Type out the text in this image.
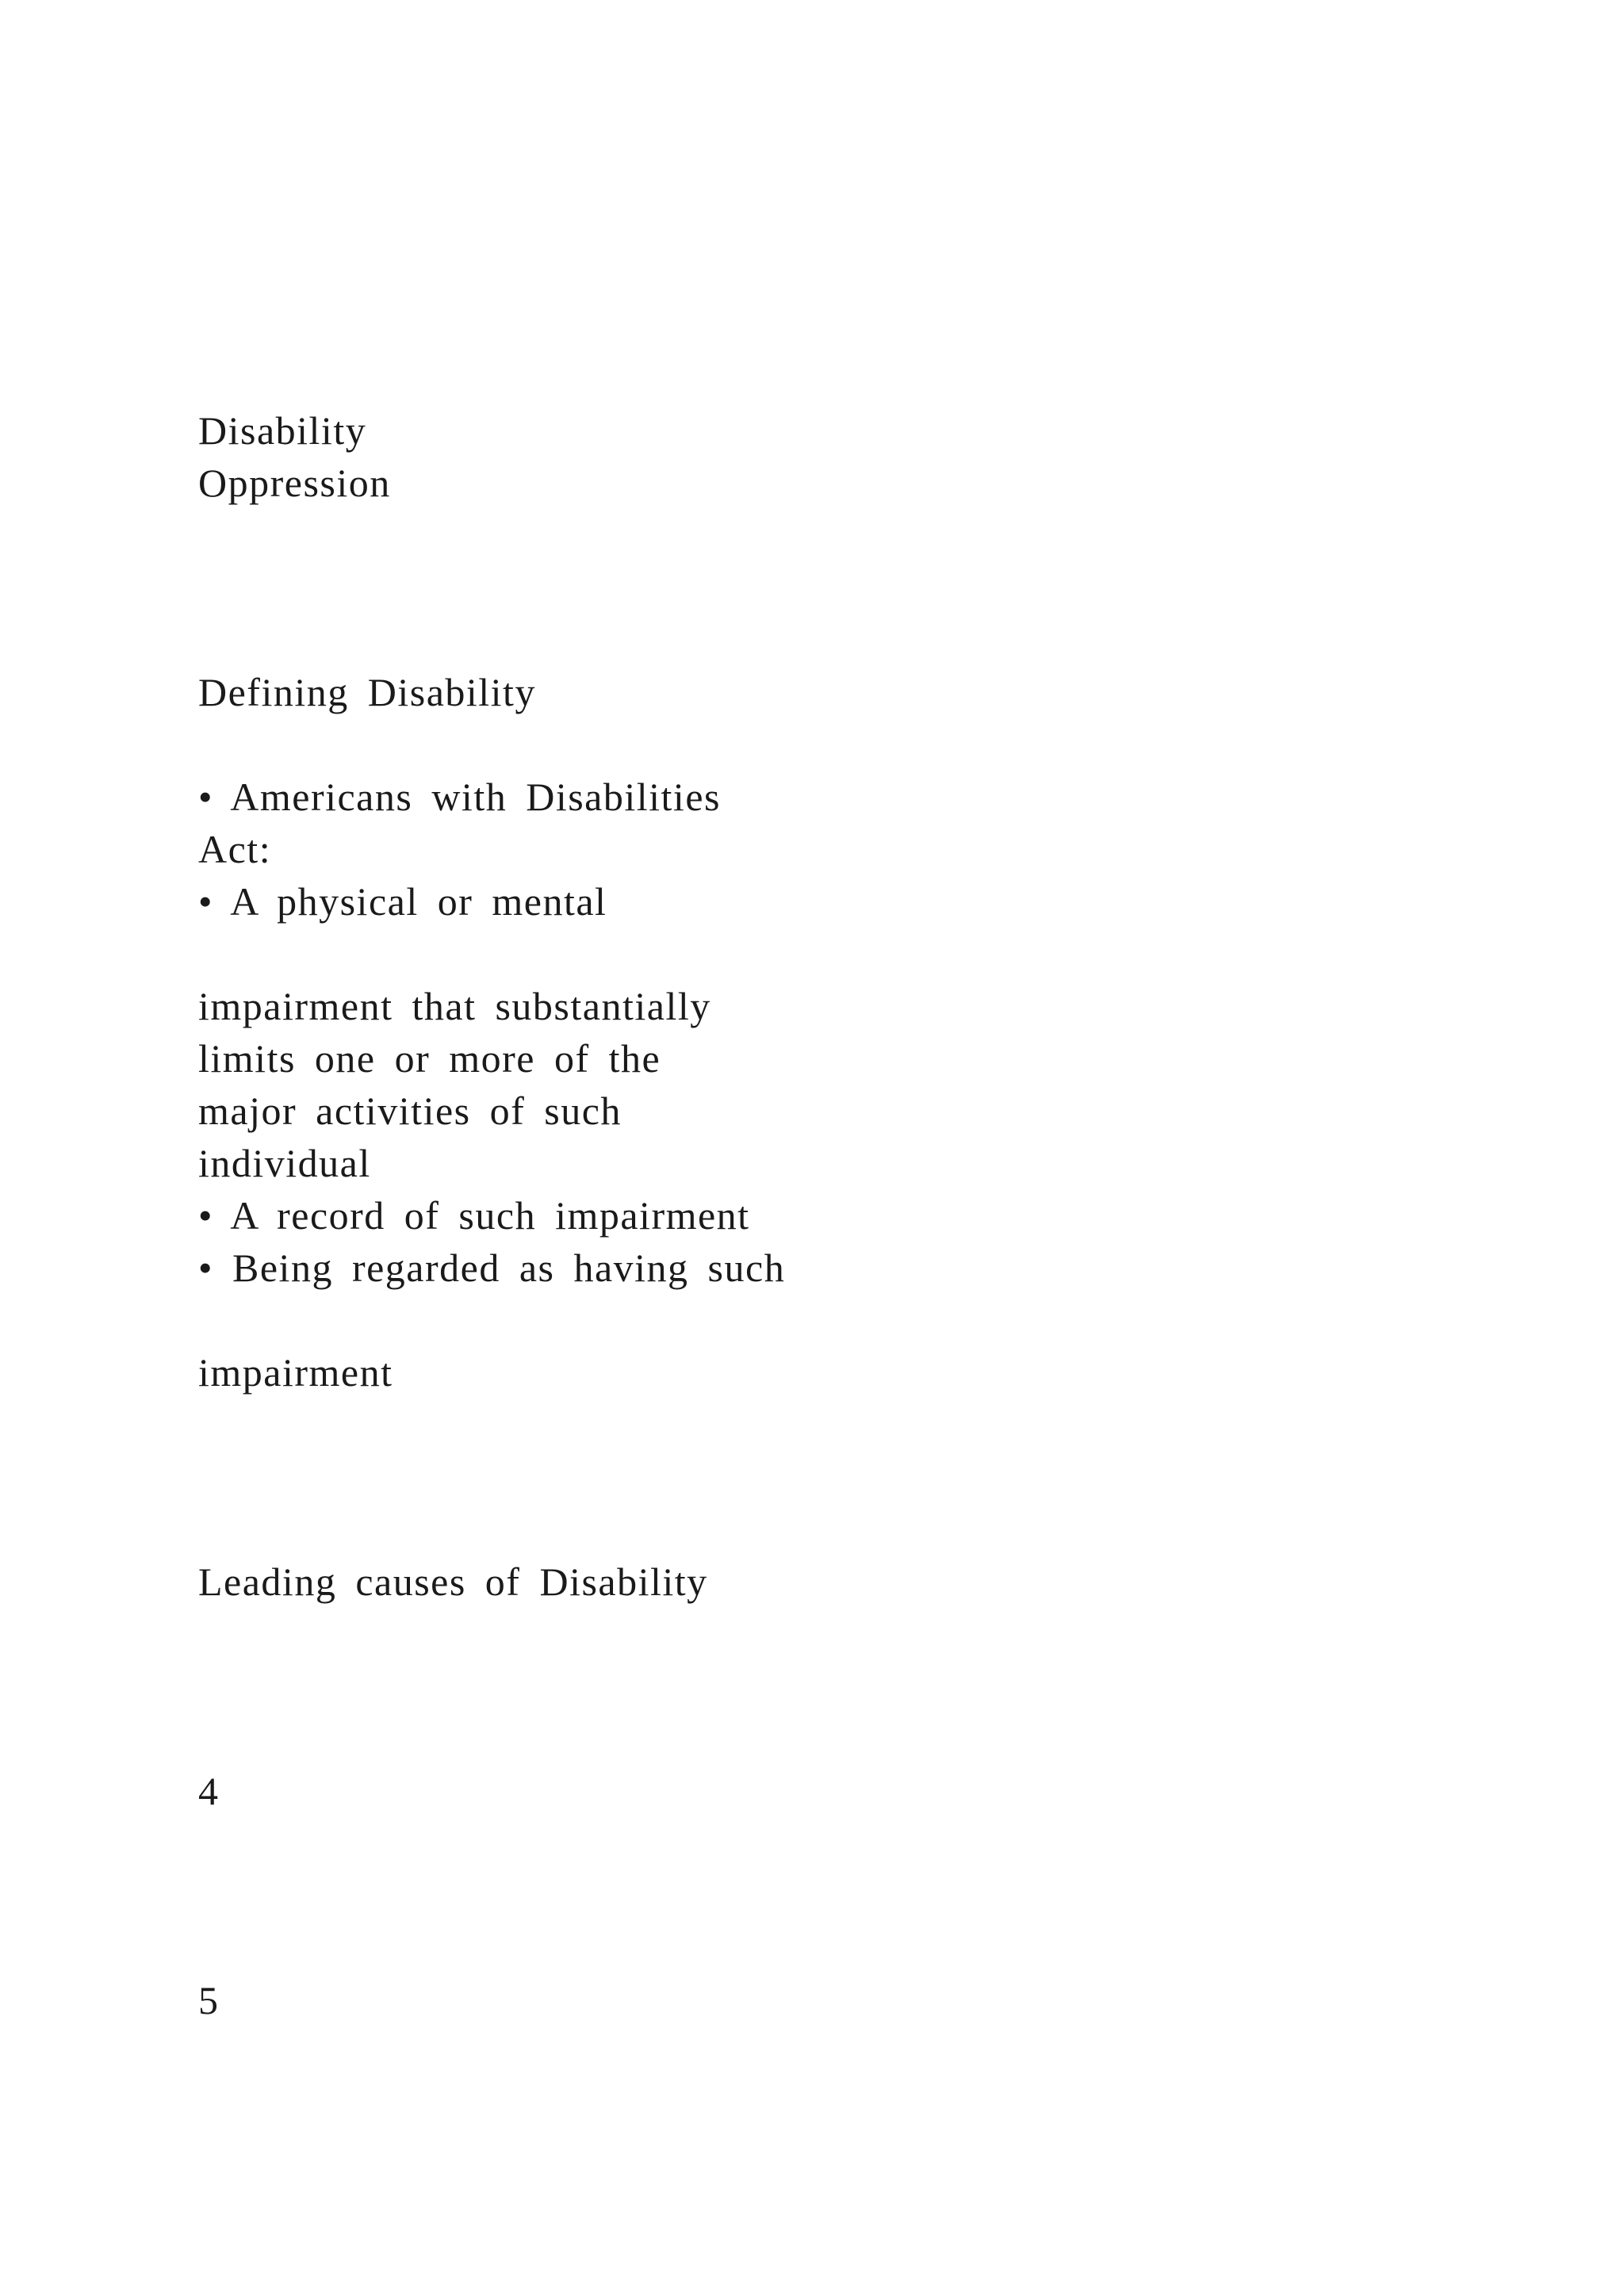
Disability
Oppression
Defining Disability
• Americans with Disabilities
Act:
• A physical or mental
impairment that substantially
limits one or more of the
major activities of such
individual
• A record of such impairment
• Being regarded as having such
impairment
Leading causes of Disability
4
5
